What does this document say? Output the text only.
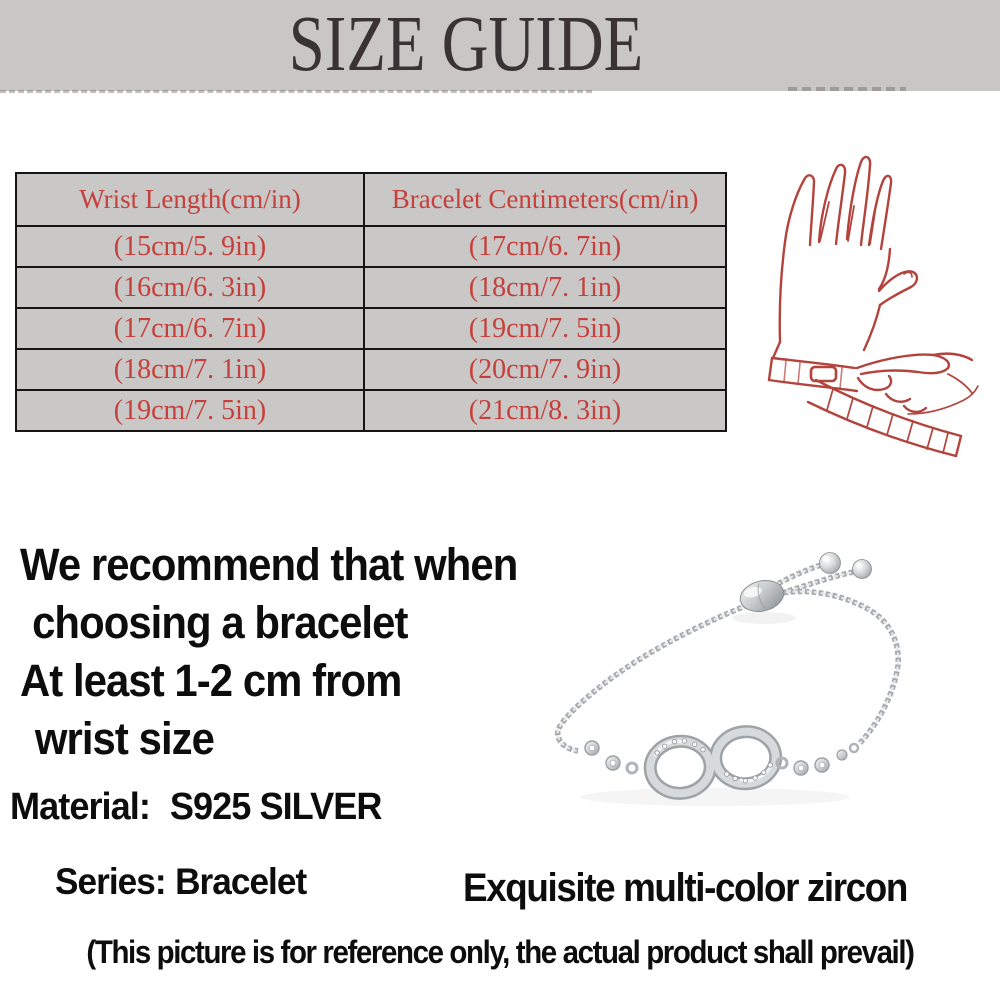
SIZE GUIDE
Wrist Length(cm/in)	Bracelet Centimeters(cm/in)
(15cm/5. 9in)	(17cm/6. 7in)
(16cm/6. 3in)	(18cm/7. 1in)
(17cm/6. 7in)	(19cm/7. 5in)
(18cm/7. 1in)	(20cm/7. 9in)
(19cm/7. 5in)	(21cm/8. 3in)
We recommend that when
choosing a bracelet
At least 1-2 cm from
wrist size
Material: S925 SILVER
Series: Bracelet	Exquisite multi-color zircon
(This picture is for reference only, the actual product shall prevail)
